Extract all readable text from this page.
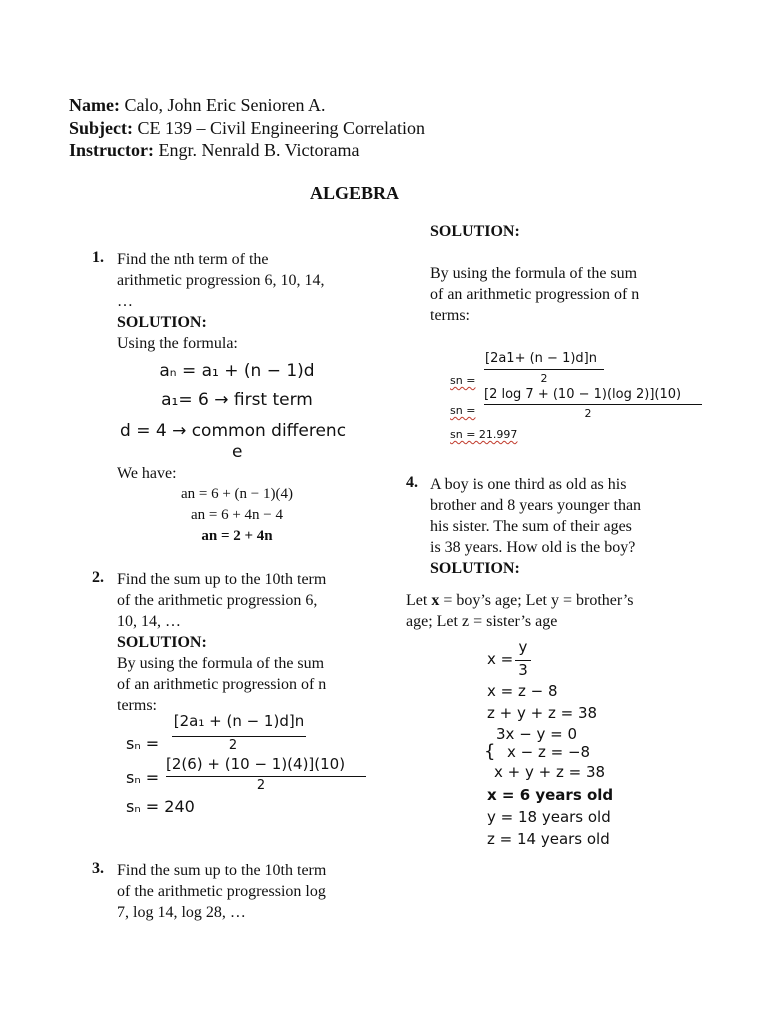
Name: Calo, John Eric Senioren A.
Subject: CE 139 – Civil Engineering Correlation
Instructor: Engr. Nenrald B. Victorama
ALGEBRA
1. Find the nth term of the
arithmetic progression 6, 10, 14,
…
SOLUTION:
Using the formula:
aₙ = a₁ + (n − 1)d
a₁= 6 → first term
d = 4 → common differenc
e
We have:
an = 6 + (n − 1)(4)
an = 6 + 4n − 4
an = 2 + 4n
2. Find the sum up to the 10th term
of the arithmetic progression 6,
10, 14, …
SOLUTION:
By using the formula of the sum
of an arithmetic progression of n
terms:
sₙ =
[2a₁ + (n − 1)d]n
2
sₙ =
[2(6) + (10 − 1)(4)](10)
2
sₙ = 240
3. Find the sum up to the 10th term
of the arithmetic progression log
7, log 14, log 28, …
SOLUTION:
By using the formula of the sum
of an arithmetic progression of n
terms:
sn =
[2a1+ (n − 1)d]n
2
sn =
[2 log 7 + (10 − 1)(log 2)](10)
2
sn = 21.997
4. A boy is one third as old as his
brother and 8 years younger than
his sister. The sum of their ages
is 38 years. How old is the boy?
SOLUTION:
Let x = boy’s age; Let y = brother’s
age; Let z = sister’s age
x =
y
3
x = z − 8
z + y + z = 38
3x − y = 0
{ x − z = −8
x + y + z = 38
x = 6 years old
y = 18 years old
z = 14 years old
